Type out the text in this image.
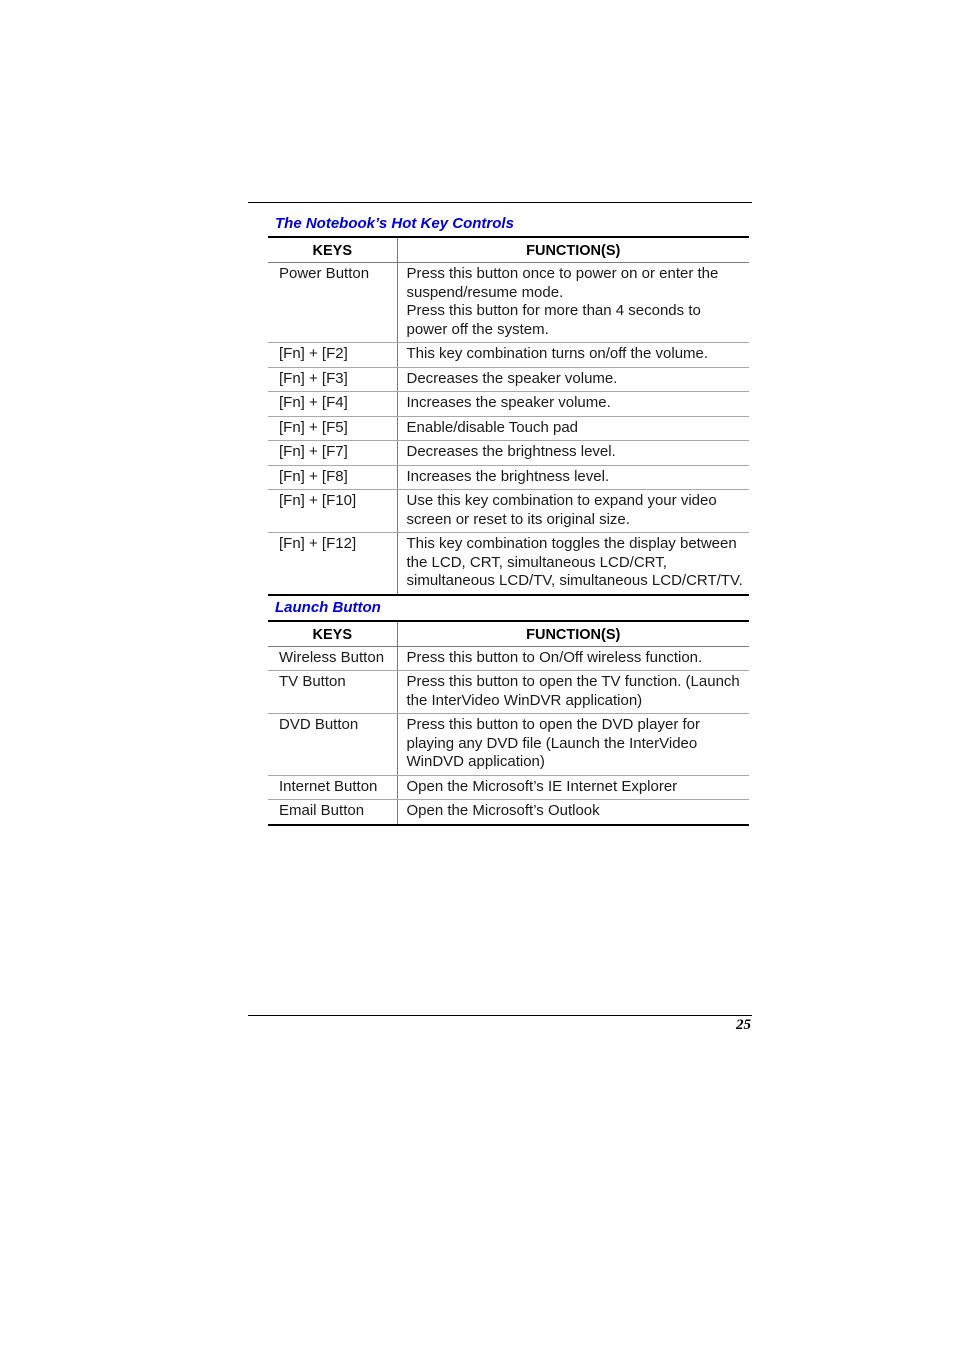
The Notebook’s Hot Key Controls
KEYS	FUNCTION(S)
Power Button	Press this button once to power on or enter the suspend/resume mode.
Press this button for more than 4 seconds to power off the system.
[Fn] + [F2]	This key combination turns on/off the volume.
[Fn] + [F3]	Decreases the speaker volume.
[Fn] + [F4]	Increases the speaker volume.
[Fn] + [F5]	Enable/disable Touch pad
[Fn] + [F7]	Decreases the brightness level.
[Fn] + [F8]	Increases the brightness level.
[Fn] + [F10]	Use this key combination to expand your video screen or reset to its original size.
[Fn] + [F12]	This key combination toggles the display between the LCD, CRT, simultaneous LCD/CRT, simultaneous LCD/TV, simultaneous LCD/CRT/TV.
Launch Button
KEYS	FUNCTION(S)
Wireless Button	Press this button to On/Off wireless function.
TV Button	Press this button to open the TV function. (Launch the InterVideo WinDVR application)
DVD Button	Press this button to open the DVD player for playing any DVD file (Launch the InterVideo WinDVD application)
Internet Button	Open the Microsoft’s IE Internet Explorer
Email Button	Open the Microsoft’s Outlook
25
